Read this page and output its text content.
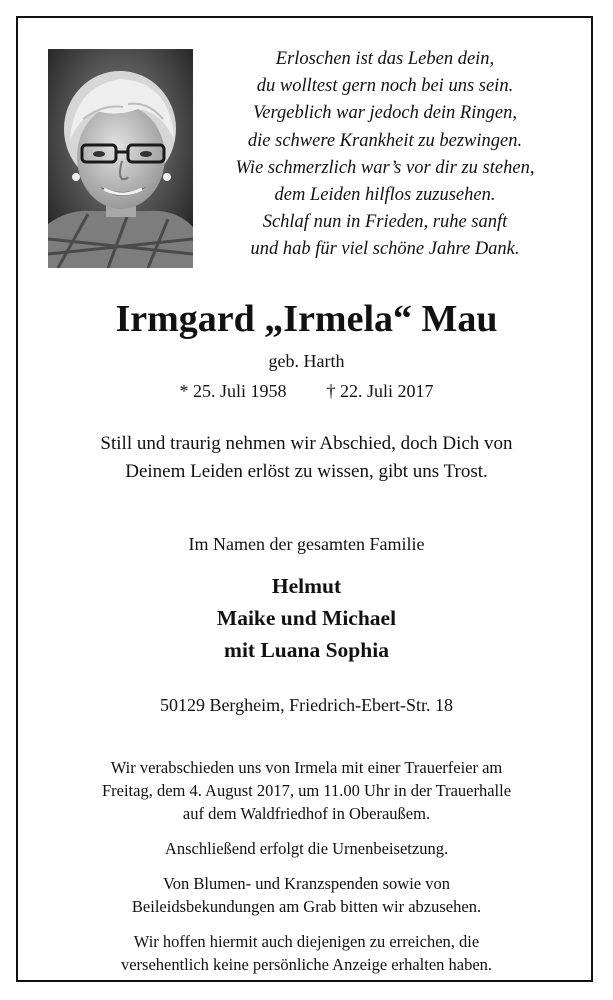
Erloschen ist das Leben dein,
du wolltest gern noch bei uns sein.
Vergeblich war jedoch dein Ringen,
die schwere Krankheit zu bezwingen.
Wie schmerzlich war’s vor dir zu stehen,
dem Leiden hilflos zuzusehen.
Schlaf nun in Frieden, ruhe sanft
und hab für viel schöne Jahre Dank.
Irmgard „Irmela“ Mau
geb. Harth
* 25. Juli 1958 † 22. Juli 2017
Still und traurig nehmen wir Abschied, doch Dich von
Deinem Leiden erlöst zu wissen, gibt uns Trost.
Im Namen der gesamten Familie
Helmut
Maike und Michael
mit Luana Sophia
50129 Bergheim, Friedrich-Ebert-Str. 18

Wir verabschieden uns von Irmela mit einer Trauerfeier am
Freitag, dem 4. August 2017, um 11.00 Uhr in der Trauerhalle
auf dem Waldfriedhof in Oberaußem.

Anschließend erfolgt die Urnenbeisetzung.

Von Blumen- und Kranzspenden sowie von
Beileidsbekundungen am Grab bitten wir abzusehen.

Wir hoffen hiermit auch diejenigen zu erreichen, die
versehentlich keine persönliche Anzeige erhalten haben.
